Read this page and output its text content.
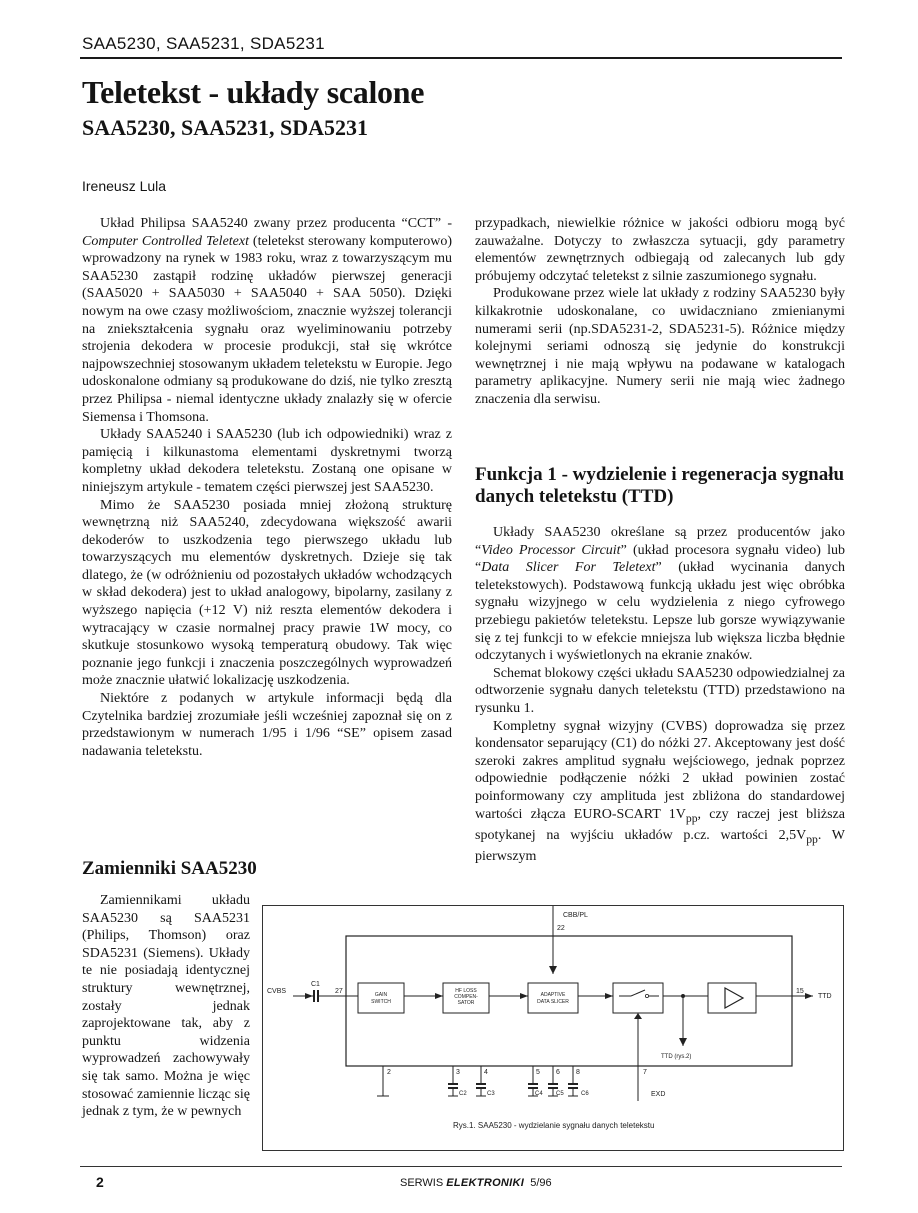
SAA5230, SAA5231, SDA5231
Teletekst - układy scalone
SAA5230, SAA5231, SDA5231
Ireneusz Lula

Układ Philipsa SAA5240 zwany przez producenta “CCT” - Computer Controlled Teletext (teletekst sterowany komputerowo) wprowadzony na rynek w 1983 roku, wraz z towarzyszącym mu SAA5230 zastąpił rodzinę układów pierwszej generacji (SAA5020 + SAA5030 + SAA5040 + SAA 5050). Dzięki nowym na owe czasy możliwościom, znacznie wyższej tolerancji na zniekształcenia sygnału oraz wyeliminowaniu potrzeby strojenia dekodera w procesie produkcji, stał się wkrótce najpowszechniej stosowanym układem teletekstu w Europie. Jego udoskonalone odmiany są produkowane do dziś, nie tylko zresztą przez Philipsa - niemal identyczne układy znalazły się w ofercie Siemensa i Thomsona.

Układy SAA5240 i SAA5230 (lub ich odpowiedniki) wraz z pamięcią i kilkunastoma elementami dyskretnymi tworzą kompletny układ dekodera teletekstu. Zostaną one opisane w niniejszym artykule - tematem części pierwszej jest SAA5230.

Mimo że SAA5230 posiada mniej złożoną strukturę wewnętrzną niż SAA5240, zdecydowana większość awarii dekoderów to uszkodzenia tego pierwszego układu lub towarzyszących mu elementów dyskretnych. Dzieje się tak dlatego, że (w odróżnieniu od pozostałych układów wchodzących w skład dekodera) jest to układ analogowy, bipolarny, zasilany z wyższego napięcia (+12 V) niż reszta elementów dekodera i wytracający w czasie normalnej pracy prawie 1W mocy, co skutkuje stosunkowo wysoką temperaturą obudowy. Tak więc poznanie jego funkcji i znaczenia poszczególnych wyprowadzeń może znacznie ułatwić lokalizację uszkodzenia.

Niektóre z podanych w artykule informacji będą dla Czytelnika bardziej zrozumiałe jeśli wcześniej zapoznał się on z przedstawionym w numerach 1/95 i 1/96 “SE” opisem zasad nadawania teletekstu.

Zamienniki SAA5230

Zamiennikami układu SAA5230 są SAA5231 (Philips, Thomson) oraz SDA5231 (Siemens). Układy te nie posiadają identycznej struktury wewnętrznej, zostały jednak zaprojektowane tak, aby z punktu widzenia wyprowadzeń zachowywały się tak samo. Można je więc stosować zamiennie licząc się jednak z tym, że w pewnych

przypadkach, niewielkie różnice w jakości odbioru mogą być zauważalne. Dotyczy to zwłaszcza sytuacji, gdy parametry elementów zewnętrznych odbiegają od zalecanych lub gdy próbujemy odczytać teletekst z silnie zaszumionego sygnału.

Produkowane przez wiele lat układy z rodziny SAA5230 były kilkakrotnie udoskonalane, co uwidaczniano zmienianymi numerami serii (np.SDA5231-2, SDA5231-5). Różnice między kolejnymi seriami odnoszą się jedynie do konstrukcji wewnętrznej i nie mają wpływu na podawane w katalogach parametry aplikacyjne. Numery serii nie mają wiec żadnego znaczenia dla serwisu.

Funkcja 1 - wydzielenie i regeneracja sygnału danych teletekstu (TTD)

Układy SAA5230 określane są przez producentów jako “Video Processor Circuit” (układ procesora sygnału video) lub “Data Slicer For Teletext” (układ wycinania danych teletekstowych). Podstawową funkcją układu jest więc obróbka sygnału wizyjnego w celu wydzielenia z niego cyfrowego przebiegu pakietów teletekstu. Lepsze lub gorsze wywiązywanie się z tej funkcji to w efekcie mniejsza lub większa liczba błędnie odczytanych i wyświetlonych na ekranie znaków.

Schemat blokowy części układu SAA5230 odpowiedzialnej za odtworzenie sygnału danych teletekstu (TTD) przedstawiono na rysunku 1.

Kompletny sygnał wizyjny (CVBS) doprowadza się przez kondensator separujący (C1) do nóżki 27. Akceptowany jest dość szeroki zakres amplitud sygnału wejściowego, jednak poprzez odpowiednie podłączenie nóżki 2 układ powinien zostać poinformowany czy amplituda jest zbliżona do standardowej wartości złącza EURO-SCART $1V_{pp}$, czy raczej jest bliższa spotykanej na wyjściu układów p.cz. wartości $2,5V_{pp}$. W pierwszym

CBB/PL
22
CVBS
C1
27	GAIN
SWITCH
HF LOSS
COMPEN-
SATOR
ADAPTIVE
DATA SLICER
TTD (rys.2)
15
TTD
2	3
C2
4
C3
5
C4
6
C5
8
C6
7
EXD
Rys.1. SAA5230 - wydzielanie sygnału danych teletekstu
2	SERWIS ELEKTRONIKI 5/96
